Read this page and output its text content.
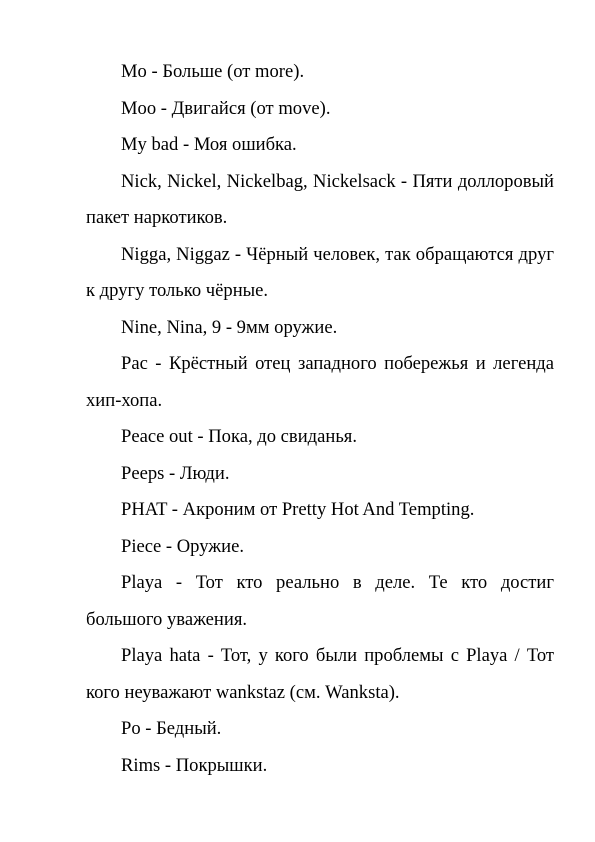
Mo - Больше (от more).

Moo - Двигайся (от move).

My bad - Моя ошибка.

Nick, Nickel, Nickelbag, Nickelsack - Пяти доллоровый пакет наркотиков.

Nigga, Niggaz - Чёрный человек, так обращаются друг к другу только чёрные.

Nine, Nina, 9 - 9мм оружие.

Pac - Крёстный отец западного побережья и легенда хип-хопа.

Peace out - Пока, до свиданья.

Peeps - Люди.

PHAT - Акроним от Pretty Hot And Tempting.

Piece - Оружие.

Playa - Тот кто реально в деле. Те кто достиг большого уважения.

Playa hata - Тот, у кого были проблемы с Playa / Тот кого неуважают wankstaz (см. Wanksta).

Po - Бедный.

Rims - Покрышки.
